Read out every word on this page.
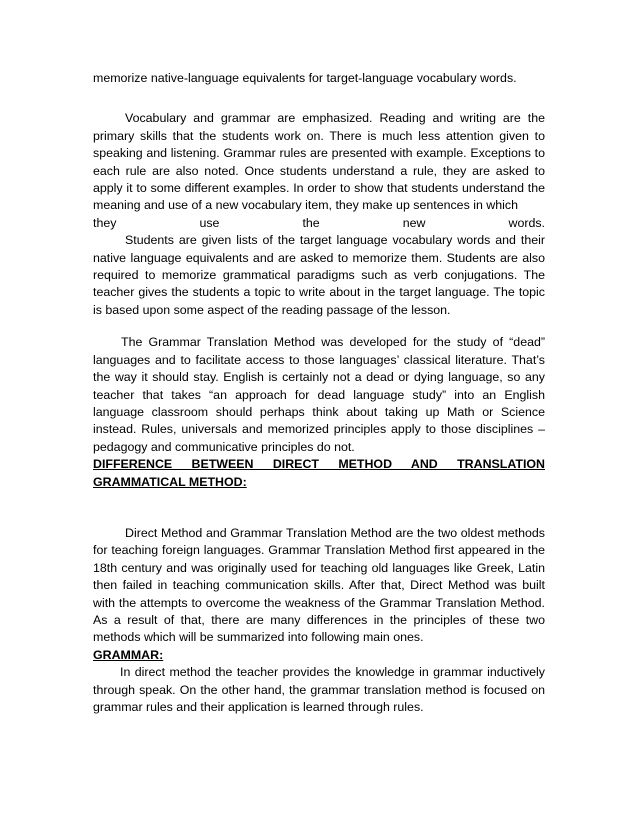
memorize native-language equivalents for target-language vocabulary words.

Vocabulary and grammar are emphasized. Reading and writing are the primary skills that the students work on. There is much less attention given to speaking and listening. Grammar rules are presented with example. Exceptions to each rule are also noted. Once students understand a rule, they are asked to apply it to some different examples. In order to show that students understand the meaning and use of a new vocabulary item, they make up sentences in which

they	use	the	new	words.

Students are given lists of the target language vocabulary words and their native language equivalents and are asked to memorize them. Students are also required to memorize grammatical paradigms such as verb conjugations. The teacher gives the students a topic to write about in the target language. The topic is based upon some aspect of the reading passage of the lesson.

The Grammar Translation Method was developed for the study of “dead” languages and to facilitate access to those languages’ classical literature. That’s the way it should stay. English is certainly not a dead or dying language, so any teacher that takes “an approach for dead language study” into an English language classroom should perhaps think about taking up Math or Science instead. Rules, universals and memorized principles apply to those disciplines – pedagogy and communicative principles do not.

DIFFERENCE BETWEEN DIRECT METHOD AND TRANSLATION GRAMMATICAL METHOD:

Direct Method and Grammar Translation Method are the two oldest methods for teaching foreign languages. Grammar Translation Method first appeared in the 18th century and was originally used for teaching old languages like Greek, Latin then failed in teaching communication skills. After that, Direct Method was built with the attempts to overcome the weakness of the Grammar Translation Method. As a result of that, there are many differences in the principles of these two methods which will be summarized into following main ones.

GRAMMAR:

In direct method the teacher provides the knowledge in grammar inductively through speak. On the other hand, the grammar translation method is focused on grammar rules and their application is learned through rules.
